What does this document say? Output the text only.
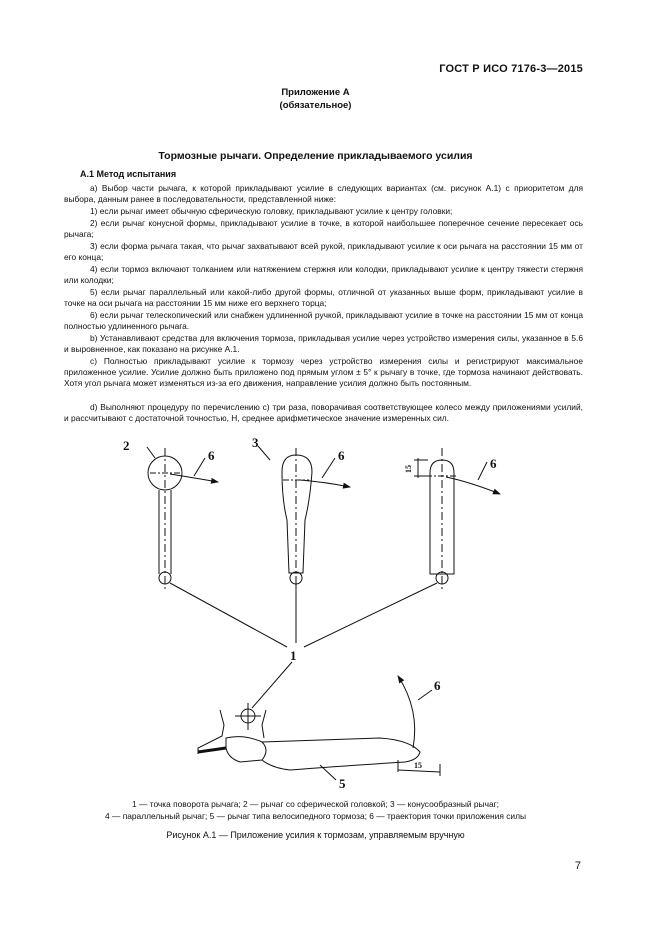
ГОСТ Р ИСО 7176-3—2015
Приложение А
(обязательное)
Тормозные рычаги. Определение прикладываемого усилия
А.1 Метод испытания
а) Выбор части рычага, к которой прикладывают усилие в следующих вариантах (см. рисунок А.1) с приоритетом для выбора, данным ранее в последовательности, представленной ниже:
1) если рычаг имеет обычную сферическую головку, прикладывают усилие к центру головки;
2) если рычаг конусной формы, прикладывают усилие в точке, в которой наибольшее поперечное сечение пересекает ось рычага;
3) если форма рычага такая, что рычаг захватывают всей рукой, прикладывают усилие к оси рычага на расстоянии 15 мм от его конца;
4) если тормоз включают толканием или натяжением стержня или колодки, прикладывают усилие к центру тяжести стержня или колодки;
5) если рычаг параллельный или какой-либо другой формы, отличной от указанных выше форм, прикладывают усилие в точке на оси рычага на расстоянии 15 мм ниже его верхнего торца;
6) если рычаг телескопический или снабжен удлиненной ручкой, прикладывают усилие в точке на расстоянии 15 мм от конца полностью удлиненного рычага.
b) Устанавливают средства для включения тормоза, прикладывая усилие через устройство измерения силы, указанное в 5.6 и выровненное, как показано на рисунке А.1.
c) Полностью прикладывают усилие к тормозу через устройство измерения силы и регистрируют максимальное приложенное усилие. Усилие должно быть приложено под прямым углом ± 5° к рычагу в точке, где тормоза начинают действовать. Хотя угол рычага может изменяться из-за его движения, направление усилия должно быть постоянным.
d) Выполняют процедуру по перечислению с) три раза, поворачивая соответствующее колесо между приложениями усилий, и рассчитывают с достаточной точностью, Н, среднее арифметическое значение измеренных сил.
2	3
6	6
6
15
1
6
5
15
1 — точка поворота рычага; 2 — рычаг со сферической головкой; 3 — конусообразный рычаг;
4 — параллельный рычаг; 5 — рычаг типа велосипедного тормоза; 6 — траектория точки приложения силы
Рисунок А.1 — Приложение усилия к тормозам, управляемым вручную
7
